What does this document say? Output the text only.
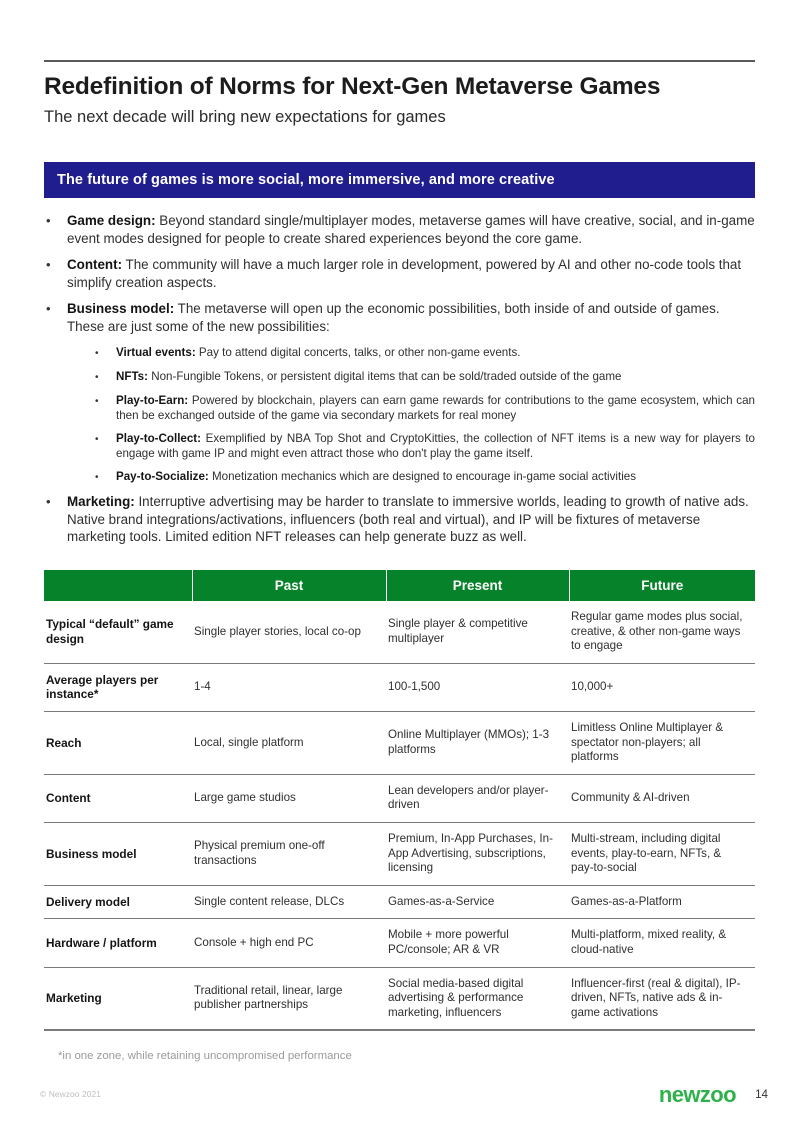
Redefinition of Norms for Next-Gen Metaverse Games
The next decade will bring new expectations for games
The future of games is more social, more immersive, and more creative
•	Game design: Beyond standard single/multiplayer modes, metaverse games will have creative, social, and in-game event modes designed for people to create shared experiences beyond the core game.
•	Content: The community will have a much larger role in development, powered by AI and other no-code tools that simplify creation aspects.
•	Business model: The metaverse will open up the economic possibilities, both inside of and outside of games. These are just some of the new possibilities:
•	Virtual events: Pay to attend digital concerts, talks, or other non-game events.
•	NFTs: Non-Fungible Tokens, or persistent digital items that can be sold/traded outside of the game
•	Play-to-Earn: Powered by blockchain, players can earn game rewards for contributions to the game ecosystem, which can then be exchanged outside of the game via secondary markets for real money
•	Play-to-Collect: Exemplified by NBA Top Shot and CryptoKitties, the collection of NFT items is a new way for players to engage with game IP and might even attract those who don't play the game itself.
•	Pay-to-Socialize: Monetization mechanics which are designed to encourage in-game social activities
•	Marketing: Interruptive advertising may be harder to translate to immersive worlds, leading to growth of native ads. Native brand integrations/activations, influencers (both real and virtual), and IP will be fixtures of metaverse marketing tools. Limited edition NFT releases can help generate buzz as well.
	Past	Present	Future
Typical “default” game design	Single player stories, local co-op	Single player & competitive multiplayer	Regular game modes plus social, creative, & other non-game ways to engage
Average players per instance*	1-4	100-1,500	10,000+
Reach	Local, single platform	Online Multiplayer (MMOs); 1-3 platforms	Limitless Online Multiplayer & spectator non-players; all platforms
Content	Large game studios	Lean developers and/or player-driven	Community & AI-driven
Business model	Physical premium one-off transactions	Premium, In-App Purchases, In-App Advertising, subscriptions, licensing	Multi-stream, including digital events, play-to-earn, NFTs, & pay-to-social
Delivery model	Single content release, DLCs	Games-as-a-Service	Games-as-a-Platform
Hardware / platform	Console + high end PC	Mobile + more powerful PC/console; AR & VR	Multi-platform, mixed reality, & cloud-native
Marketing	Traditional retail, linear, large publisher partnerships	Social media-based digital advertising & performance marketing, influencers	Influencer-first (real & digital), IP-driven, NFTs, native ads & in-game activations
*in one zone, while retaining uncompromised performance
© Newzoo 2021	newzoo 14
